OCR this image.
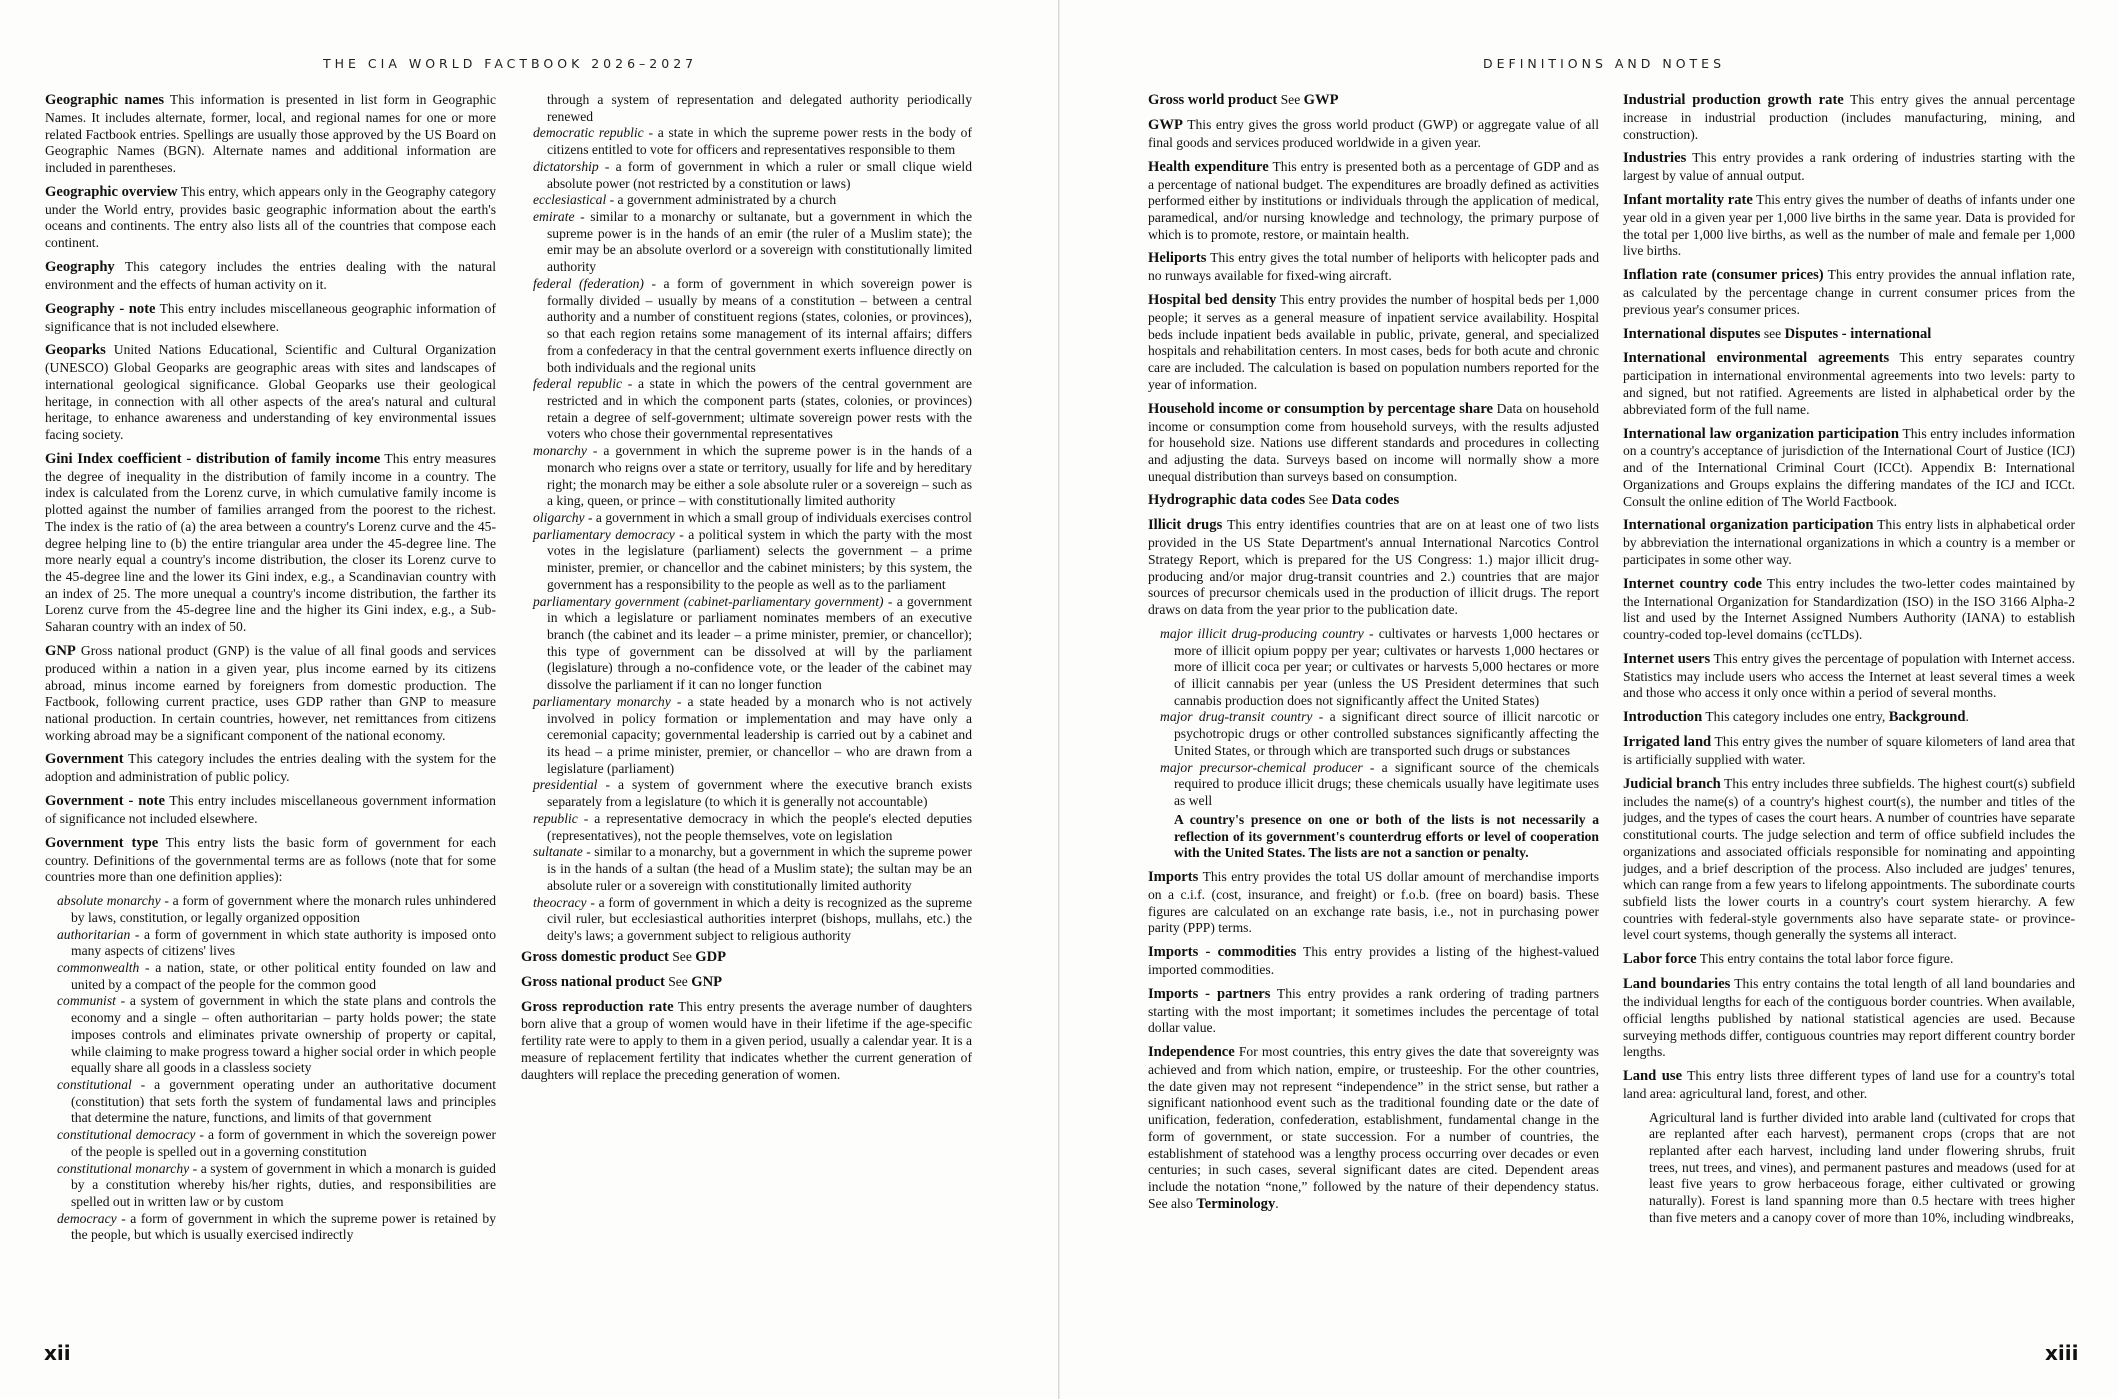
THE CIA WORLD FACTBOOK 2026–2027	DEFINITIONS AND NOTES
xii	xiii
Geographic names This information is presented in list form in Geographic Names. It includes alternate, former, local, and regional names for one or more related Factbook entries. Spellings are usually those approved by the US Board on Geographic Names (BGN). Alternate names and additional information are included in parentheses.
Geographic overview This entry, which appears only in the Geography category under the World entry, provides basic geographic information about the earth's oceans and continents. The entry also lists all of the countries that compose each continent.
Geography This category includes the entries dealing with the natural environment and the effects of human activity on it.
Geography - note This entry includes miscellaneous geographic information of significance that is not included elsewhere.
Geoparks United Nations Educational, Scientific and Cultural Organization (UNESCO) Global Geoparks are geographic areas with sites and landscapes of international geological significance. Global Geoparks use their geological heritage, in connection with all other aspects of the area's natural and cultural heritage, to enhance awareness and understanding of key environmental issues facing society.
Gini Index coefficient - distribution of family income This entry measures the degree of inequality in the distribution of family income in a country. The index is calculated from the Lorenz curve, in which cumulative family income is plotted against the number of families arranged from the poorest to the richest. The index is the ratio of (a) the area between a country's Lorenz curve and the 45-degree helping line to (b) the entire triangular area under the 45-degree line. The more nearly equal a country's income distribution, the closer its Lorenz curve to the 45-degree line and the lower its Gini index, e.g., a Scandinavian country with an index of 25. The more unequal a country's income distribution, the farther its Lorenz curve from the 45-degree line and the higher its Gini index, e.g., a Sub-Saharan country with an index of 50.
GNP Gross national product (GNP) is the value of all final goods and services produced within a nation in a given year, plus income earned by its citizens abroad, minus income earned by foreigners from domestic production. The Factbook, following current practice, uses GDP rather than GNP to measure national production. In certain countries, however, net remittances from citizens working abroad may be a significant component of the national economy.
Government This category includes the entries dealing with the system for the adoption and administration of public policy.
Government - note This entry includes miscellaneous government information of significance not included elsewhere.
Government type This entry lists the basic form of government for each country. Definitions of the governmental terms are as follows (note that for some countries more than one definition applies):
absolute monarchy - a form of government where the monarch rules unhindered by laws, constitution, or legally organized opposition
authoritarian - a form of government in which state authority is imposed onto many aspects of citizens' lives
commonwealth - a nation, state, or other political entity founded on law and united by a compact of the people for the common good
communist - a system of government in which the state plans and controls the economy and a single – often authoritarian – party holds power; the state imposes controls and eliminates private ownership of property or capital, while claiming to make progress toward a higher social order in which people equally share all goods in a classless society
constitutional - a government operating under an authoritative document (constitution) that sets forth the system of fundamental laws and principles that determine the nature, functions, and limits of that government
constitutional democracy - a form of government in which the sovereign power of the people is spelled out in a governing constitution
constitutional monarchy - a system of government in which a monarch is guided by a constitution whereby his/her rights, duties, and responsibilities are spelled out in written law or by custom
democracy - a form of government in which the supreme power is retained by the people, but which is usually exercised indirectly
through a system of representation and delegated authority periodically renewed
democratic republic - a state in which the supreme power rests in the body of citizens entitled to vote for officers and representatives responsible to them
dictatorship - a form of government in which a ruler or small clique wield absolute power (not restricted by a constitution or laws)
ecclesiastical - a government administrated by a church
emirate - similar to a monarchy or sultanate, but a government in which the supreme power is in the hands of an emir (the ruler of a Muslim state); the emir may be an absolute overlord or a sovereign with constitutionally limited authority
federal (federation) - a form of government in which sovereign power is formally divided – usually by means of a constitution – between a central authority and a number of constituent regions (states, colonies, or provinces), so that each region retains some management of its internal affairs; differs from a confederacy in that the central government exerts influence directly on both individuals and the regional units
federal republic - a state in which the powers of the central government are restricted and in which the component parts (states, colonies, or provinces) retain a degree of self-government; ultimate sovereign power rests with the voters who chose their governmental representatives
monarchy - a government in which the supreme power is in the hands of a monarch who reigns over a state or territory, usually for life and by hereditary right; the monarch may be either a sole absolute ruler or a sovereign – such as a king, queen, or prince – with constitutionally limited authority
oligarchy - a government in which a small group of individuals exercises control
parliamentary democracy - a political system in which the party with the most votes in the legislature (parliament) selects the government – a prime minister, premier, or chancellor and the cabinet ministers; by this system, the government has a responsibility to the people as well as to the parliament
parliamentary government (cabinet-parliamentary government) - a government in which a legislature or parliament nominates members of an executive branch (the cabinet and its leader – a prime minister, premier, or chancellor); this type of government can be dissolved at will by the parliament (legislature) through a no-confidence vote, or the leader of the cabinet may dissolve the parliament if it can no longer function
parliamentary monarchy - a state headed by a monarch who is not actively involved in policy formation or implementation and may have only a ceremonial capacity; governmental leadership is carried out by a cabinet and its head – a prime minister, premier, or chancellor – who are drawn from a legislature (parliament)
presidential - a system of government where the executive branch exists separately from a legislature (to which it is generally not accountable)
republic - a representative democracy in which the people's elected deputies (representatives), not the people themselves, vote on legislation
sultanate - similar to a monarchy, but a government in which the supreme power is in the hands of a sultan (the head of a Muslim state); the sultan may be an absolute ruler or a sovereign with constitutionally limited authority
theocracy - a form of government in which a deity is recognized as the supreme civil ruler, but ecclesiastical authorities interpret (bishops, mullahs, etc.) the deity's laws; a government subject to religious authority
Gross domestic product See GDP
Gross national product See GNP
Gross reproduction rate This entry presents the average number of daughters born alive that a group of women would have in their lifetime if the age-specific fertility rate were to apply to them in a given period, usually a calendar year. It is a measure of replacement fertility that indicates whether the current generation of daughters will replace the preceding generation of women.
Gross world product See GWP
GWP This entry gives the gross world product (GWP) or aggregate value of all final goods and services produced worldwide in a given year.
Health expenditure This entry is presented both as a percentage of GDP and as a percentage of national budget. The expenditures are broadly defined as activities performed either by institutions or individuals through the application of medical, paramedical, and/or nursing knowledge and technology, the primary purpose of which is to promote, restore, or maintain health.
Heliports This entry gives the total number of heliports with helicopter pads and no runways available for fixed-wing aircraft.
Hospital bed density This entry provides the number of hospital beds per 1,000 people; it serves as a general measure of inpatient service availability. Hospital beds include inpatient beds available in public, private, general, and specialized hospitals and rehabilitation centers. In most cases, beds for both acute and chronic care are included. The calculation is based on population numbers reported for the year of information.
Household income or consumption by percentage share Data on household income or consumption come from household surveys, with the results adjusted for household size. Nations use different standards and procedures in collecting and adjusting the data. Surveys based on income will normally show a more unequal distribution than surveys based on consumption.
Hydrographic data codes See Data codes
Illicit drugs This entry identifies countries that are on at least one of two lists provided in the US State Department's annual International Narcotics Control Strategy Report, which is prepared for the US Congress: 1.) major illicit drug-producing and/or major drug-transit countries and 2.) countries that are major sources of precursor chemicals used in the production of illicit drugs. The report draws on data from the year prior to the publication date.
major illicit drug-producing country - cultivates or harvests 1,000 hectares or more of illicit opium poppy per year; cultivates or harvests 1,000 hectares or more of illicit coca per year; or cultivates or harvests 5,000 hectares or more of illicit cannabis per year (unless the US President determines that such cannabis production does not significantly affect the United States)
major drug-transit country - a significant direct source of illicit narcotic or psychotropic drugs or other controlled substances significantly affecting the United States, or through which are transported such drugs or substances
major precursor-chemical producer - a significant source of the chemicals required to produce illicit drugs; these chemicals usually have legitimate uses as well
A country's presence on one or both of the lists is not necessarily a reflection of its government's counterdrug efforts or level of cooperation with the United States. The lists are not a sanction or penalty.
Imports This entry provides the total US dollar amount of merchandise imports on a c.i.f. (cost, insurance, and freight) or f.o.b. (free on board) basis. These figures are calculated on an exchange rate basis, i.e., not in purchasing power parity (PPP) terms.
Imports - commodities This entry provides a listing of the highest-valued imported commodities.
Imports - partners This entry provides a rank ordering of trading partners starting with the most important; it sometimes includes the percentage of total dollar value.
Independence For most countries, this entry gives the date that sovereignty was achieved and from which nation, empire, or trusteeship. For the other countries, the date given may not represent “independence” in the strict sense, but rather a significant nationhood event such as the traditional founding date or the date of unification, federation, confederation, establishment, fundamental change in the form of government, or state succession. For a number of countries, the establishment of statehood was a lengthy process occurring over decades or even centuries; in such cases, several significant dates are cited. Dependent areas include the notation “none,” followed by the nature of their dependency status. See also Terminology.
Industrial production growth rate This entry gives the annual percentage increase in industrial production (includes manufacturing, mining, and construction).
Industries This entry provides a rank ordering of industries starting with the largest by value of annual output.
Infant mortality rate This entry gives the number of deaths of infants under one year old in a given year per 1,000 live births in the same year. Data is provided for the total per 1,000 live births, as well as the number of male and female per 1,000 live births.
Inflation rate (consumer prices) This entry provides the annual inflation rate, as calculated by the percentage change in current consumer prices from the previous year's consumer prices.
International disputes see Disputes - international
International environmental agreements This entry separates country participation in international environmental agreements into two levels: party to and signed, but not ratified. Agreements are listed in alphabetical order by the abbreviated form of the full name.
International law organization participation This entry includes information on a country's acceptance of jurisdiction of the International Court of Justice (ICJ) and of the International Criminal Court (ICCt). Appendix B: International Organizations and Groups explains the differing mandates of the ICJ and ICCt. Consult the online edition of The World Factbook.
International organization participation This entry lists in alphabetical order by abbreviation the international organizations in which a country is a member or participates in some other way.
Internet country code This entry includes the two-letter codes maintained by the International Organization for Standardization (ISO) in the ISO 3166 Alpha-2 list and used by the Internet Assigned Numbers Authority (IANA) to establish country-coded top-level domains (ccTLDs).
Internet users This entry gives the percentage of population with Internet access. Statistics may include users who access the Internet at least several times a week and those who access it only once within a period of several months.
Introduction This category includes one entry, Background.
Irrigated land This entry gives the number of square kilometers of land area that is artificially supplied with water.
Judicial branch This entry includes three subfields. The highest court(s) subfield includes the name(s) of a country's highest court(s), the number and titles of the judges, and the types of cases the court hears. A number of countries have separate constitutional courts. The judge selection and term of office subfield includes the organizations and associated officials responsible for nominating and appointing judges, and a brief description of the process. Also included are judges' tenures, which can range from a few years to lifelong appointments. The subordinate courts subfield lists the lower courts in a country's court system hierarchy. A few countries with federal-style governments also have separate state- or province-level court systems, though generally the systems all interact.
Labor force This entry contains the total labor force figure.
Land boundaries This entry contains the total length of all land boundaries and the individual lengths for each of the contiguous border countries. When available, official lengths published by national statistical agencies are used. Because surveying methods differ, contiguous countries may report different country border lengths.
Land use This entry lists three different types of land use for a country's total land area: agricultural land, forest, and other.
Agricultural land is further divided into arable land (cultivated for crops that are replanted after each harvest), permanent crops (crops that are not replanted after each harvest, including land under flowering shrubs, fruit trees, nut trees, and vines), and permanent pastures and meadows (used for at least five years to grow herbaceous forage, either cultivated or growing naturally). Forest is land spanning more than 0.5 hectare with trees higher than five meters and a canopy cover of more than 10%, including windbreaks,
